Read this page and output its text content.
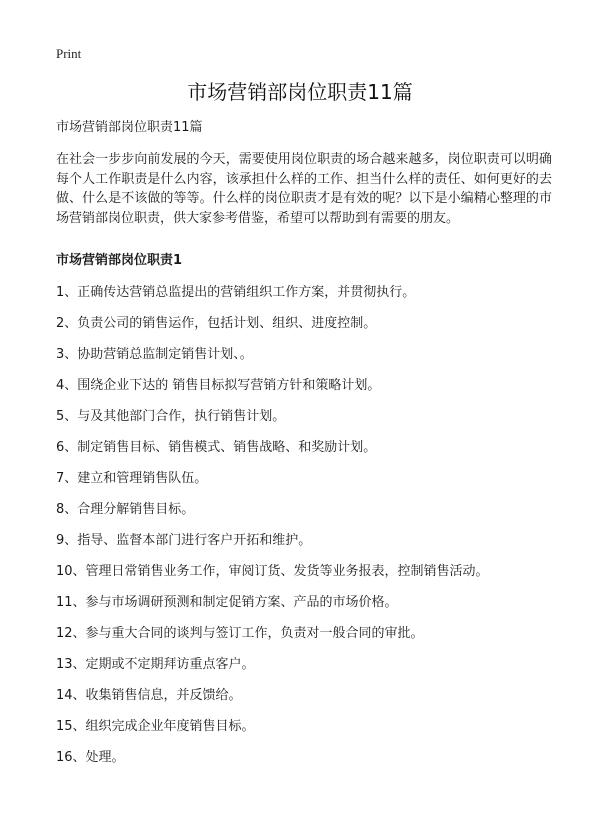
Print
市场营销部岗位职责11篇
市场营销部岗位职责11篇

在社会一步步向前发展的今天，需要使用岗位职责的场合越来越多，岗位职责可以明确每个人工作职责是什么内容，该承担什么样的工作、担当什么样的责任、如何更好的去做、什么是不该做的等等。什么样的岗位职责才是有效的呢？以下是小编精心整理的市场营销部岗位职责，供大家参考借鉴，希望可以帮助到有需要的朋友。

市场营销部岗位职责1
1、正确传达营销总监提出的营销组织工作方案，并贯彻执行。
2、负责公司的销售运作，包括计划、组织、进度控制。
3、协助营销总监制定销售计划、。
4、围绕企业下达的 销售目标拟写营销方针和策略计划。
5、与及其他部门合作，执行销售计划。
6、制定销售目标、销售模式、销售战略、和奖励计划。
7、建立和管理销售队伍。
8、合理分解销售目标。
9、指导、监督本部门进行客户开拓和维护。
10、管理日常销售业务工作，审阅订货、发货等业务报表，控制销售活动。
11、参与市场调研预测和制定促销方案、产品的市场价格。
12、参与重大合同的谈判与签订工作，负责对一般合同的审批。
13、定期或不定期拜访重点客户。
14、收集销售信息，并反馈给。
15、组织完成企业年度销售目标。
16、处理。
